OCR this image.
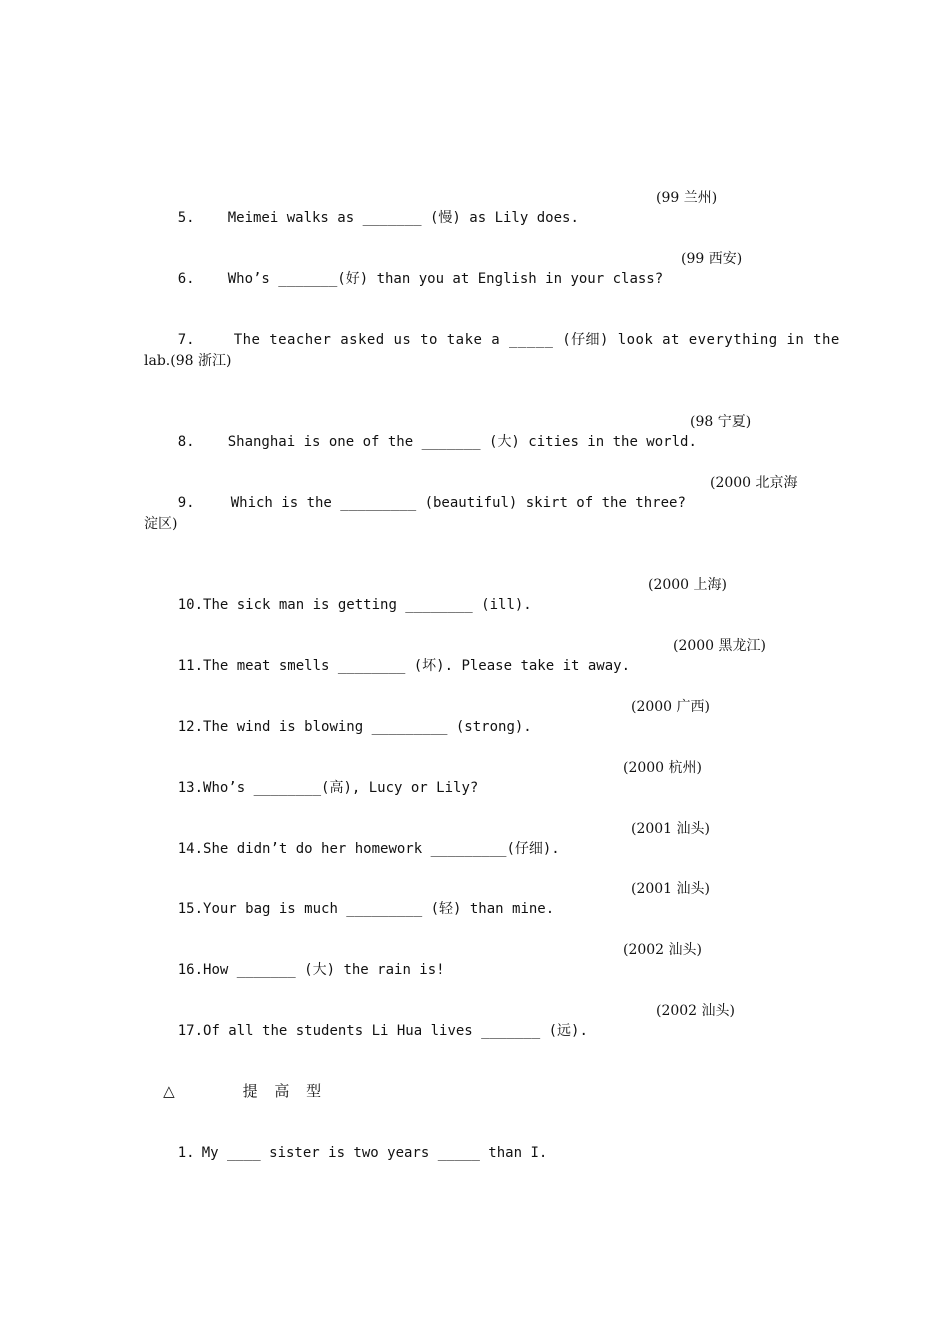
5. Meimei walks as _______ (慢) as Lily does.

(99 兰州)

6. Who’s _______(好) than you at English in your class?

(99 西安)

7.	The teacher asked us to take a _____ (仔细) look at everything in the

lab.(98 浙江)

8. Shanghai is one of the _______ (大) cities in the world.

(98 宁夏)

9.	Which is the _________ (beautiful) skirt of the three?

(2000 北京海
淀区)

10.The sick man is getting ________ (ill).

(2000 上海)

11.The meat smells ________ (坏). Please take it away.

(2000 黑龙江)

12.The wind is blowing _________ (strong).

(2000 广西)

13.Who’s ________(高), Lucy or Lily?

(2000 杭州)

14.She didn’t do her homework _________(仔细).

(2001 汕头)

15.Your bag is much _________ (轻) than mine.

(2001 汕头)

16.How _______ (大) the rain is!

(2002 汕头)

17.Of all the students Li Hua lives _______ (远).

(2002 汕头)

△	提 高 型

1. My ____ sister is two years _____ than I.
